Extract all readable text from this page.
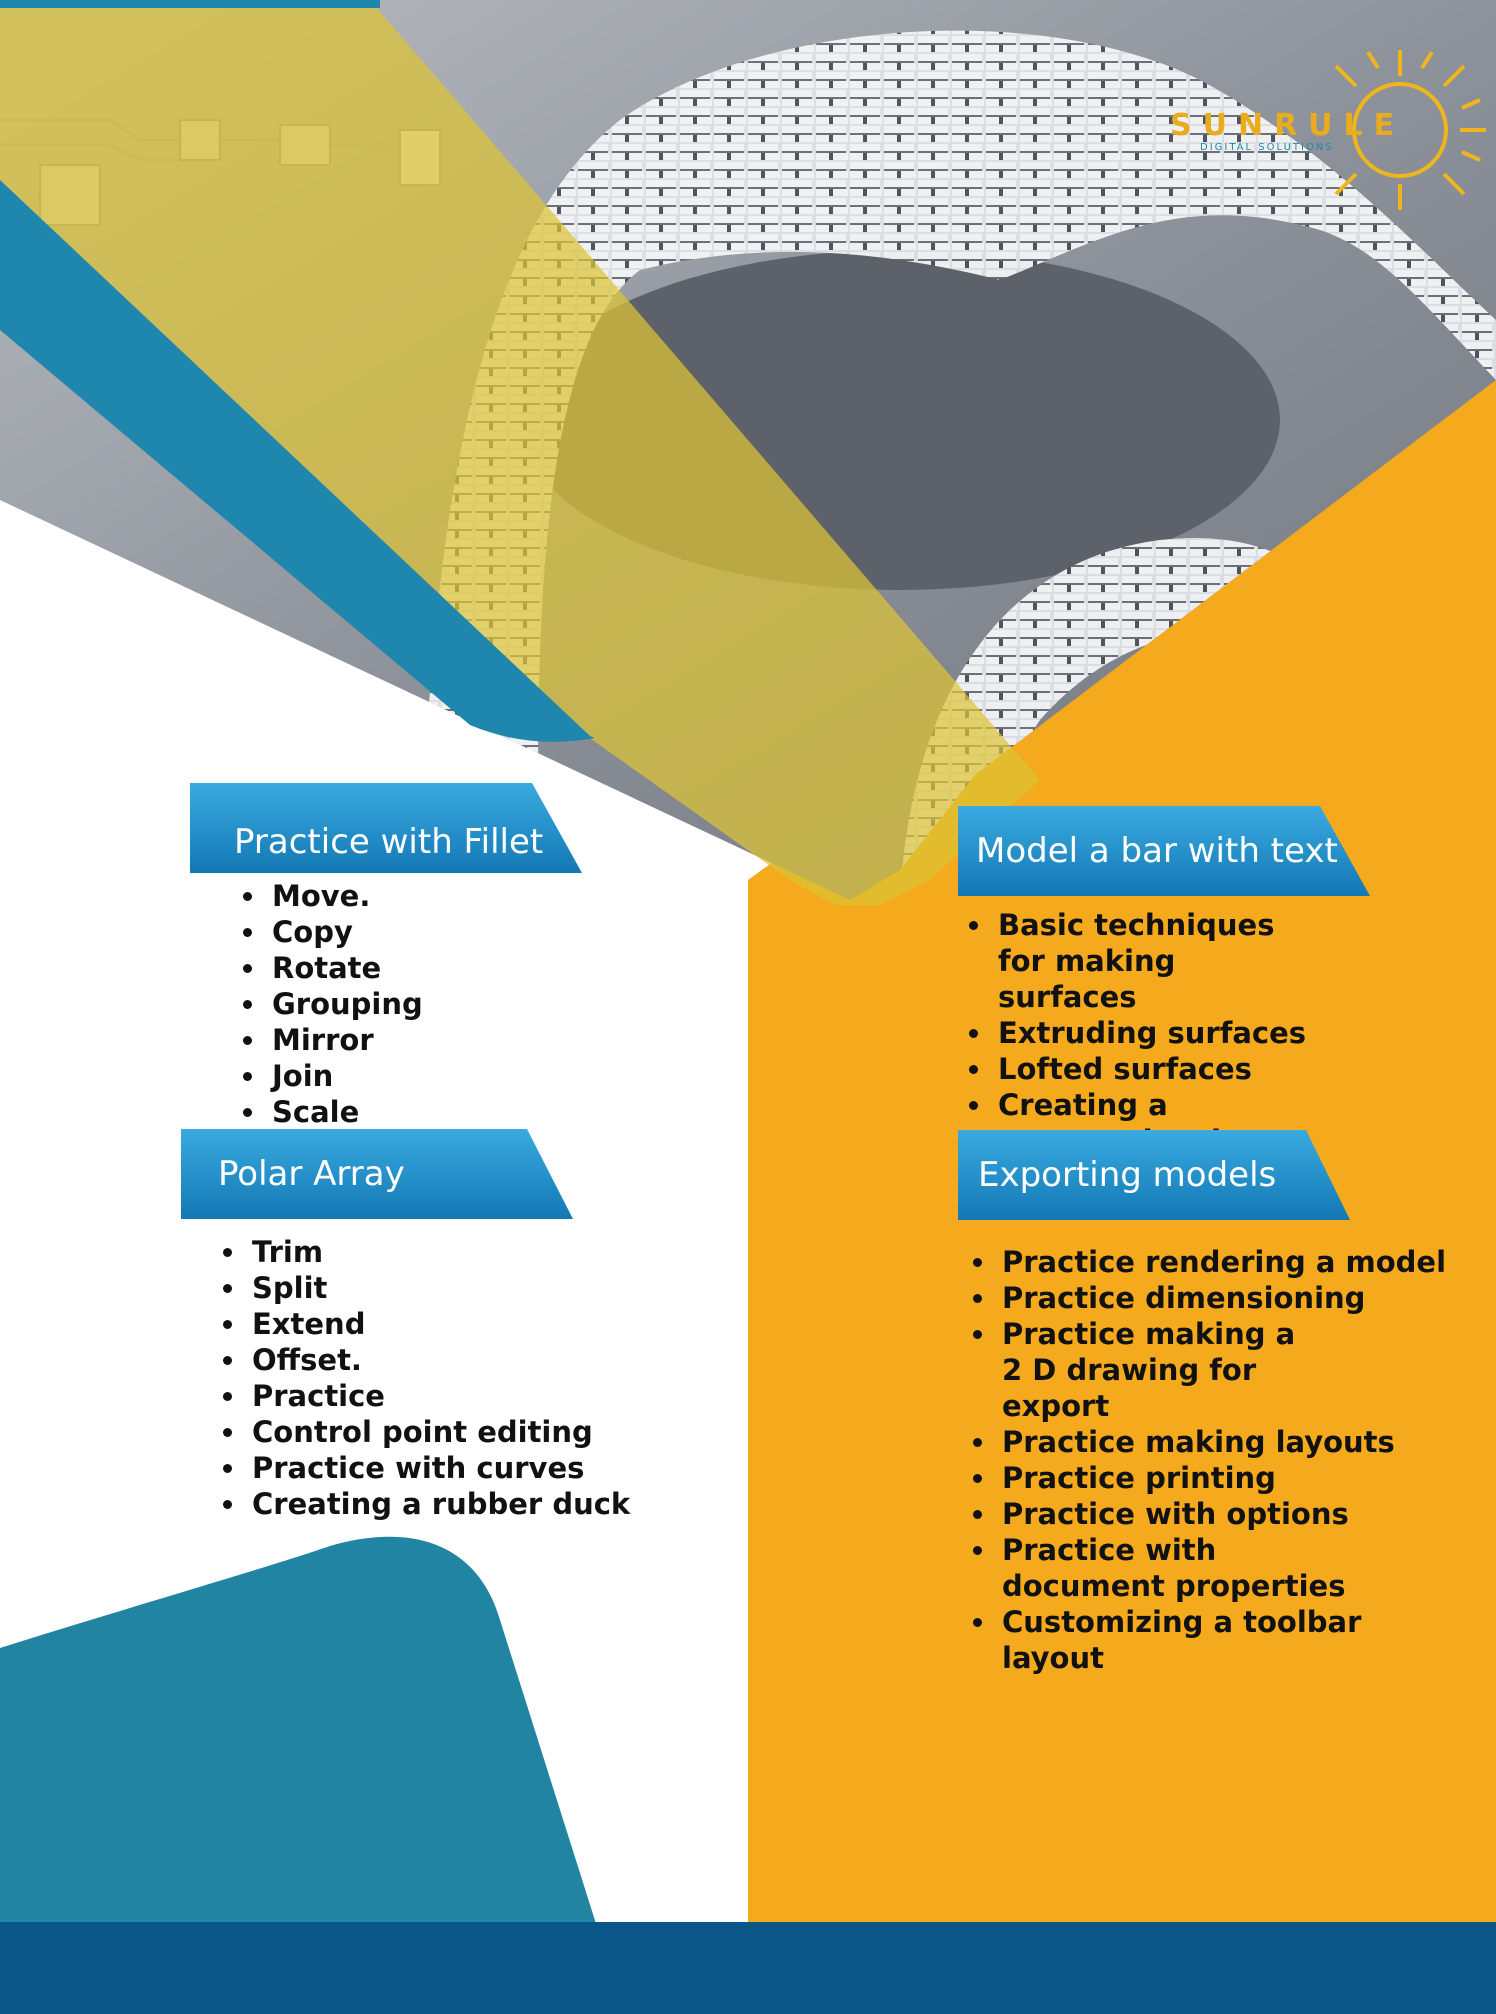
SUNRULE
DIGITAL SOLUTIONS
Practice with Fillet
• Move.
• Copy
• Rotate
• Grouping
• Mirror
• Join
• Scale
Polar Array
• Trim
• Split
• Extend
• Offset.
• Practice
• Control point editing
• Practice with curves
• Creating a rubber duck
Model a bar with text
• Basic techniques for making surfaces
• Extruding surfaces
• Lofted surfaces
• Creating a
Exporting models
• Practice rendering a model
• Practice dimensioning
• Practice making a 2 D drawing for export
• Practice making layouts
• Practice printing
• Practice with options
• Practice with document properties
• Customizing a toolbar layout
